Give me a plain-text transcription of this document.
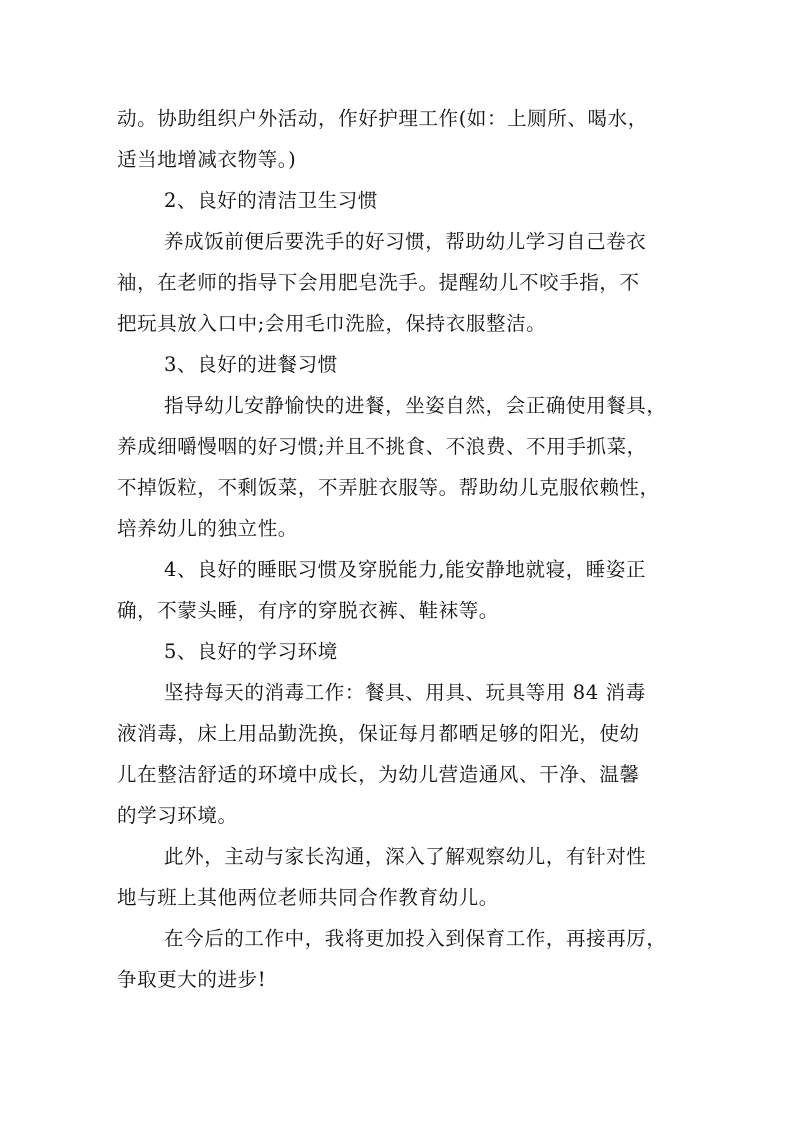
动。协助组织户外活动，作好护理工作(如：上厕所、喝水，
适当地增减衣物等。)
2、良好的清洁卫生习惯
养成饭前便后要洗手的好习惯，帮助幼儿学习自己卷衣
袖，在老师的指导下会用肥皂洗手。提醒幼儿不咬手指，不
把玩具放入口中;会用毛巾洗脸，保持衣服整洁。
3、良好的进餐习惯
指导幼儿安静愉快的进餐，坐姿自然，会正确使用餐具，
养成细嚼慢咽的好习惯;并且不挑食、不浪费、不用手抓菜，
不掉饭粒，不剩饭菜，不弄脏衣服等。帮助幼儿克服依赖性，
培养幼儿的独立性。
4、良好的睡眠习惯及穿脱能力,能安静地就寝，睡姿正
确，不蒙头睡，有序的穿脱衣裤、鞋袜等。
5、良好的学习环境
坚持每天的消毒工作：餐具、用具、玩具等用 84 消毒
液消毒，床上用品勤洗换，保证每月都晒足够的阳光，使幼
儿在整洁舒适的环境中成长，为幼儿营造通风、干净、温馨
的学习环境。
此外，主动与家长沟通，深入了解观察幼儿，有针对性
地与班上其他两位老师共同合作教育幼儿。
在今后的工作中，我将更加投入到保育工作，再接再厉，
争取更大的进步!
